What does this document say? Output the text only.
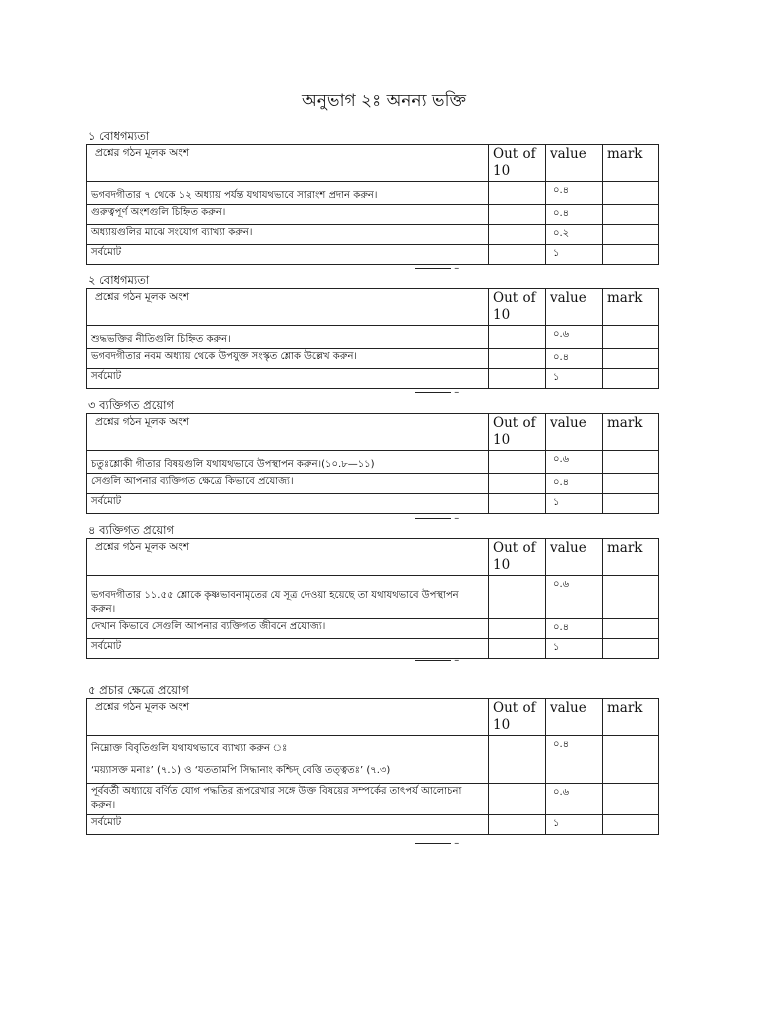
অনুভাগ ২ঃ অনন্য ভক্তি
১ বোধগম্যতা
প্রশ্নের গঠন মূলক অংশ	Out of 10	value	mark
ভগবদগীতার ৭ থেকে ১২ অধ্যায় পর্যন্ত যথাযথভাবে সারাংশ প্রদান করুন।		০.৪	
গুরুত্বপূর্ণ অংশগুলি চিহ্নিত করুন।		০.৪	
অধ্যায়গুলির মাঝে সংযোগ ব্যাখ্যা করুন।		০.২	
সর্বমোট		১	
–
২ বোধগম্যতা
প্রশ্নের গঠন মূলক অংশ	Out of 10	value	mark
শুদ্ধভক্তির নীতিগুলি চিহ্নিত করুন।		০.৬	
ভগবদগীতার নবম অধ্যায় থেকে উপযুক্ত সংস্কৃত শ্লোক উল্লেখ করুন।		০.৪	
সর্বমোট		১	
–
৩ ব্যক্তিগত প্রয়োগ
প্রশ্নের গঠন মূলক অংশ	Out of 10	value	mark
চতুঃশ্লোকী গীতার বিষয়গুলি যথাযথভাবে উপস্থাপন করুন।(১০.৮—১১)		০.৬	
সেগুলি আপনার ব্যক্তিগত ক্ষেত্রে কিভাবে প্রযোজ্য।		০.৪	
সর্বমোট		১	
–
৪ ব্যক্তিগত প্রয়োগ
প্রশ্নের গঠন মূলক অংশ	Out of 10	value	mark
ভগবদগীতার ১১.৫৫ শ্লোকে কৃষ্ণভাবনামৃতের যে সূত্র দেওয়া হয়েছে তা যথাযথভাবে উপস্থাপন করুন।		০.৬	
দেখান কিভাবে সেগুলি আপনার ব্যক্তিগত জীবনে প্রযোজ্য।		০.৪	
সর্বমোট		১	
–
৫ প্রচার ক্ষেত্রে প্রয়োগ
প্রশ্নের গঠন মূলক অংশ	Out of 10	value	mark

নিম্নোক্ত বিবৃতিগুলি যথাযথভাবে ব্যাখ্যা করুন ঃ
‘ময়্যাসক্ত মনাঃ’ (৭.১) ও ‘যততামপি সিদ্ধানাং কশ্চিদ্ বেত্তি তত্ত্বতঃ’ (৭.৩)		০.৪	
পূর্ববর্তী অধ্যায়ে বর্ণিত যোগ পদ্ধতির রূপরেখার সঙ্গে উক্ত বিষয়ের সম্পর্কের তাৎপর্য আলোচনা করুন।		০.৬	
সর্বমোট		১	
–
